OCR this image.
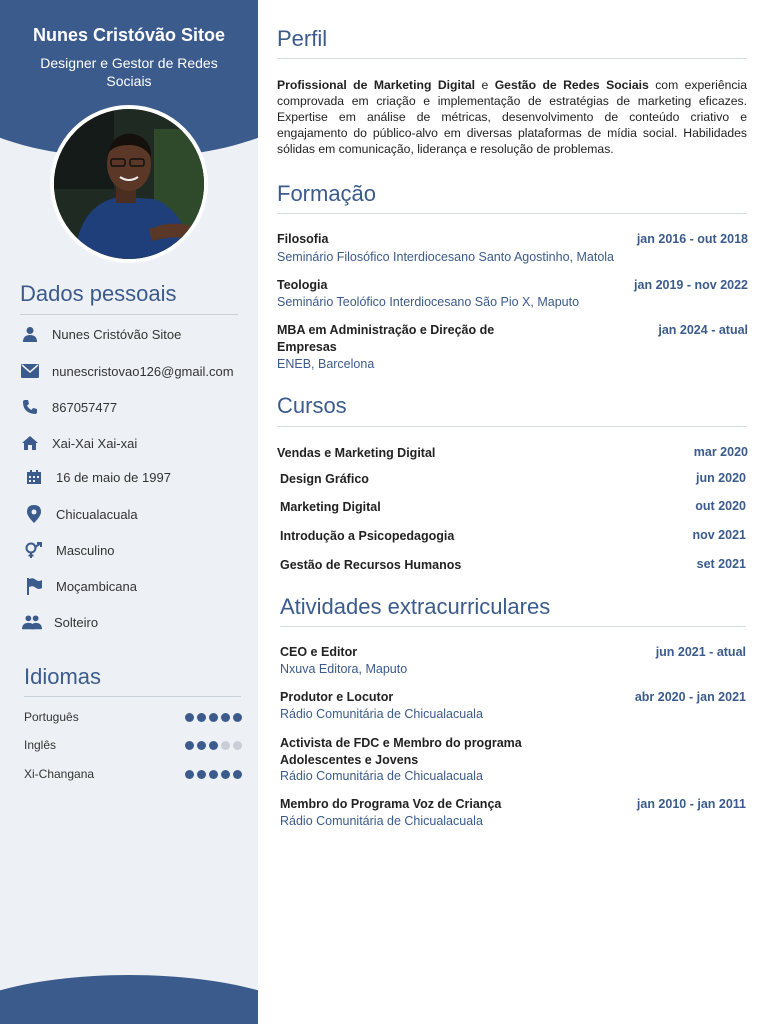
Nunes Cristóvão Sitoe
Designer e Gestor de Redes Sociais
Dados pessoais
Nunes Cristóvão Sitoe
nunescristovao126@gmail.com
867057477
Xai-Xai Xai-xai
16 de maio de 1997
Chicualacuala
Masculino
Moçambicana
Solteiro
Idiomas
Português
Inglês
Xi-Changana
Perfil
Profissional de Marketing Digital e Gestão de Redes Sociais com experiência comprovada em criação e implementação de estratégias de marketing eficazes. Expertise em análise de métricas, desenvolvimento de conteúdo criativo e engajamento do público-alvo em diversas plataformas de mídia social. Habilidades sólidas em comunicação, liderança e resolução de problemas.
Formação
Filosofia
Seminário Filosófico Interdiocesano Santo Agostinho, Matola
jan 2016 - out 2018
Teologia
Seminário Teolófico Interdiocesano São Pio X, Maputo
jan 2019 - nov 2022
MBA em Administração e Direção de Empresas
ENEB, Barcelona
jan 2024 - atual
Cursos
Vendas e Marketing Digital	mar 2020
Design Gráfico	jun 2020
Marketing Digital	out 2020
Introdução a Psicopedagogia	nov 2021
Gestão de Recursos Humanos	set 2021
Atividades extracurriculares
CEO e Editor
Nxuva Editora, Maputo
jun 2021 - atual
Produtor e Locutor
Rádio Comunitária de Chicualacuala
abr 2020 - jan 2021
Activista de FDC e Membro do programa Adolescentes e Jovens
Rádio Comunitária de Chicualacuala
Membro do Programa Voz de Criança
Rádio Comunitária de Chicualacuala
jan 2010 - jan 2011
